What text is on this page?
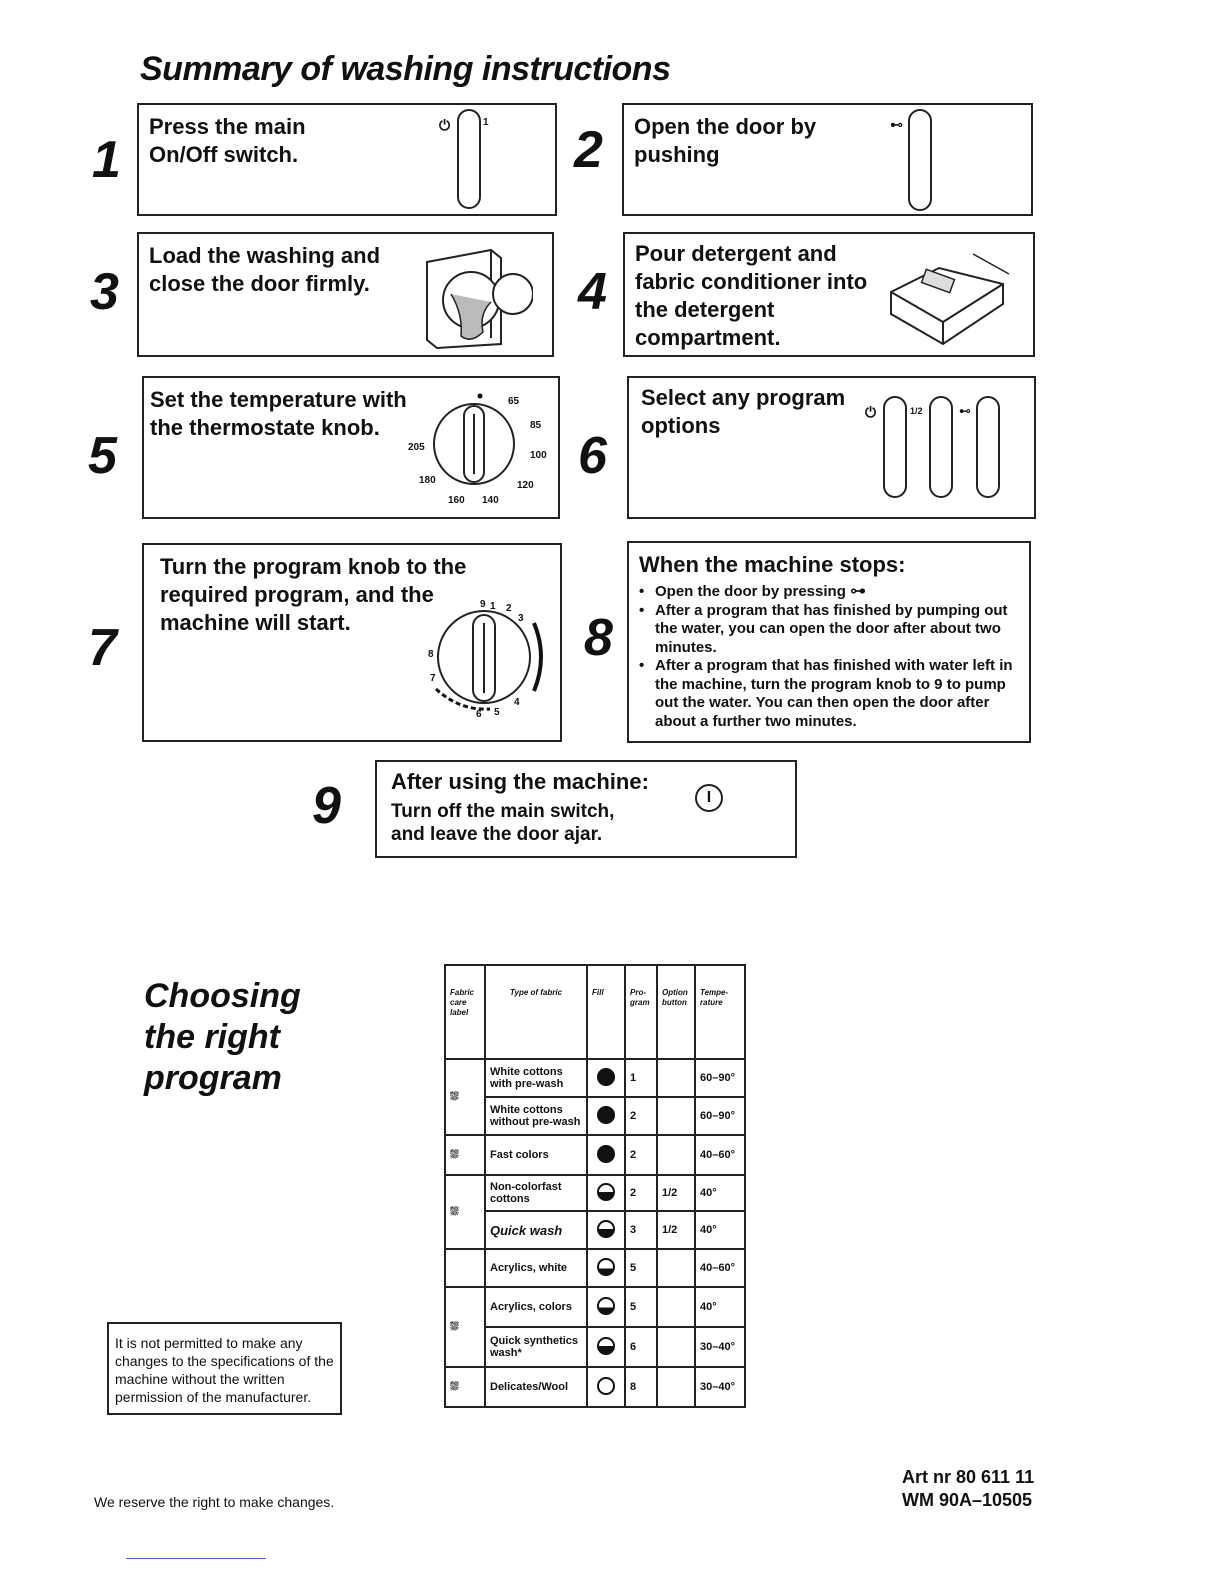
Summary of washing instructions
1
Press the main On/Off switch.
⏻	1 2 Open the door by pushing
⊷
3
Load the washing and close the door firmly.	4
Pour detergent and fabric conditioner into the detergent compartment.
5
Set the temperature with the thermostate knob.
65
85
100
120
140
160
180
205	6
Select any program options
⏻	1/2	⊷
7
Turn the program knob to the required program, and the machine will start.
1 2
3
4
5
6
7
8
9
8
When the machine stops:
• Open the door by pressing ⊶
• After a program that has finished by pumping out the water, you can open the door after about two minutes.
• After a program that has finished with water left in the machine, turn the program knob to 9 to pump out the water. You can then open the door after about a further two minutes.
9 After using the machine:
Turn off the main switch, and leave the door ajar.
I
Choosing
the right
program
Fabric care label	Type of fabric	Fill	Pro-gram	Option button	Tempe-rature
⛆	White cottons with pre-wash		1		60–90°
	White cottons without pre-wash		2		60–90°
⛆	Fast colors		2		40–60°
⛆	Non-colorfast cottons		2	1/2	40°
	Quick wash		3	1/2	40°
	Acrylics, white		5		40–60°
⛆	Acrylics, colors		5		40°
	Quick synthetics wash*		6		30–40°
⛆	Delicates/Wool		8		30–40°
It is not permitted to make any changes to the specifications of the machine without the written permission of the manufacturer.
We reserve the right to make changes.
Art nr 80 611 11
WM 90A–10505
